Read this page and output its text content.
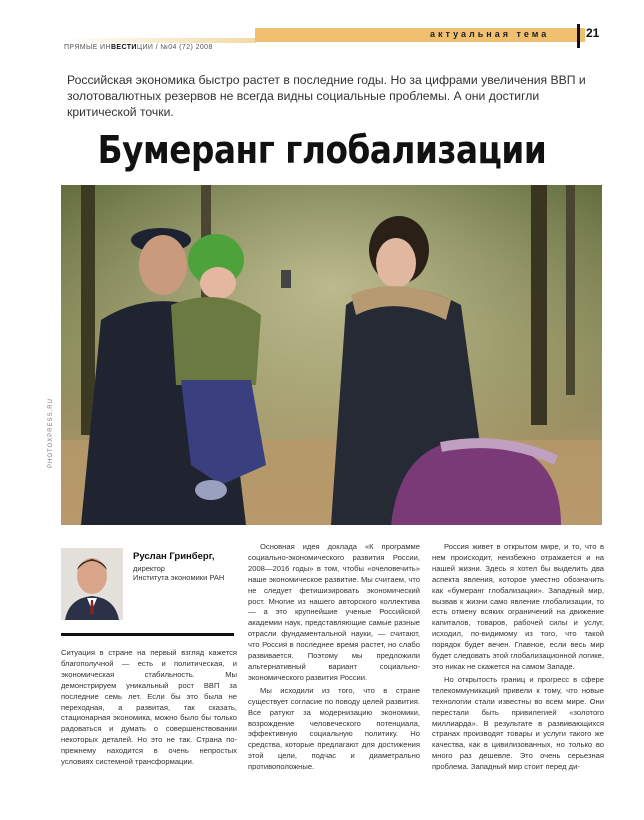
актуальная тема	21
ПРЯМЫЕ ИНВЕСТИЦИИ / №04 (72) 2008
Российская экономика быстро растет в последние годы. Но за цифрами увеличения ВВП и золотовалютных резервов не всегда видны социальные проблемы. А они достигли критической точки.
Бумеранг глобализации
PHOTOXPRESS.RU
Руслан Гринберг,
директор
Института экономики РАН

Ситуация в стране на первый взгляд кажется благополучной — есть и политическая, и экономическая стабильность. Мы демонстрируем уникальный рост ВВП за последние семь лет. Если бы это была не переходная, а развитая, так сказать, стационарная экономика, можно было бы только радоваться и думать о совершенствовании некоторых деталей. Но это не так. Страна по-прежнему находится в очень непростых условиях системной трансформации.

Основная идея доклада «К программе социально-экономического развития России, 2008—2016 годы» в том, чтобы «очеловечить» наше экономическое развитие. Мы считаем, что не следует фетишизировать экономический рост. Многие из нашего авторского коллектива — а это крупнейшие ученые Российской академии наук, представляющие самые разные отрасли фундаментальной науки, — считают, что Россия в последнее время растет, но слабо развивается. Поэтому мы предложили альтернативный вариант социально-экономического развития России.

Мы исходили из того, что в стране существует согласие по поводу целей развития. Все ратуют за модернизацию экономики, возрождение человеческого потенциала, эффективную социальную политику. Но средства, которые предлагают для достижения этой цели, подчас и диаметрально противоположные.

Россия живет в открытом мире, и то, что в нем происходит, неизбежно отражается и на нашей жизни. Здесь я хотел бы выделить два аспекта явления, которое уместно обозначить как «бумеранг глобализации». Западный мир, вызвав к жизни само явление глобализации, то есть отмену всяких ограничений на движение капиталов, товаров, рабочей силы и услуг, исходил, по-видимому из того, что такой порядок будет вечен. Главное, если весь мир будет следовать этой глобализационной логике, это никак не скажется на самом Западе.

Но открытость границ и прогресс в сфере телекоммуникаций привели к тому, что новые технологии стали известны во всем мире. Они перестали быть привилегией «золотого миллиарда». В результате в развивающихся странах производят товары и услуги такого же качества, как в цивилизованных, но только во много раз дешевле. Это очень серьезная проблема. Западный мир стоит перед ди-
